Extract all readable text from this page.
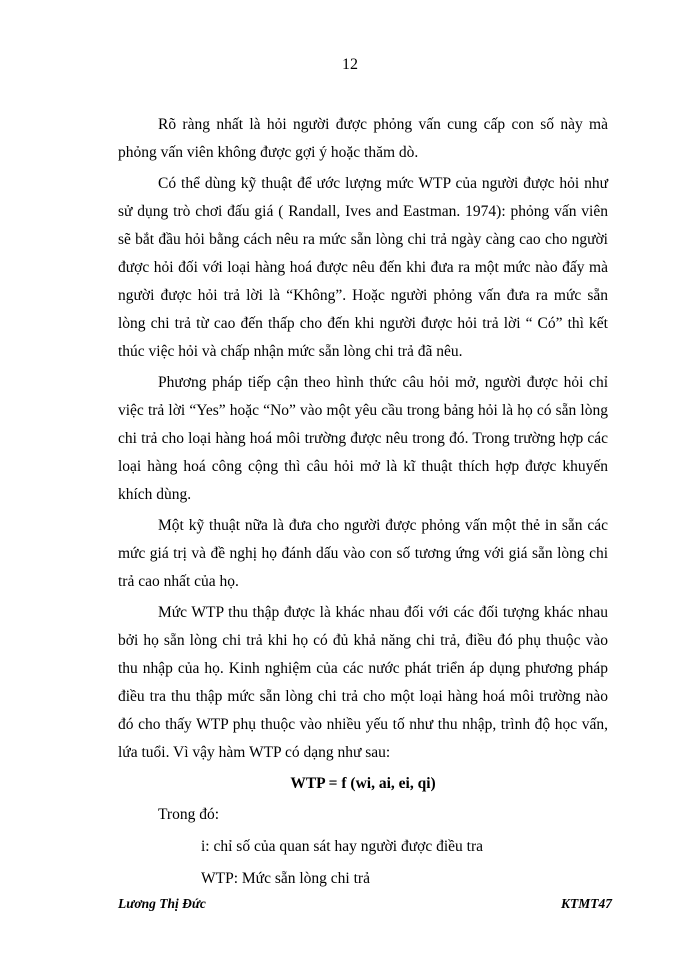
12

Rõ ràng nhất là hỏi người được phỏng vấn cung cấp con số này mà phỏng vấn viên không được gợi ý hoặc thăm dò.

Có thể dùng kỹ thuật để ước lượng mức WTP của người được hỏi như sử dụng trò chơi đấu giá ( Randall, Ives and Eastman. 1974): phỏng vấn viên sẽ bắt đầu hỏi bằng cách nêu ra mức sẵn lòng chi trả ngày càng cao cho người được hỏi đối với loại hàng hoá được nêu đến khi đưa ra một mức nào đấy mà người được hỏi trả lời là “Không”. Hoặc người phỏng vấn đưa ra mức sẵn lòng chi trả từ cao đến thấp cho đến khi người được hỏi trả lời “ Có” thì kết thúc việc hỏi và chấp nhận mức sẵn lòng chi trả đã nêu.

Phương pháp tiếp cận theo hình thức câu hỏi mở, người được hỏi chỉ việc trả lời “Yes” hoặc “No” vào một yêu cầu trong bảng hỏi là họ có sẵn lòng chi trả cho loại hàng hoá môi trường được nêu trong đó. Trong trường hợp các loại hàng hoá công cộng thì câu hỏi mở là kĩ thuật thích hợp được khuyến khích dùng.

Một kỹ thuật nữa là đưa cho người được phỏng vấn một thẻ in sẵn các mức giá trị và đề nghị họ đánh dấu vào con số tương ứng với giá sẵn lòng chi trả cao nhất của họ.

Mức WTP thu thập được là khác nhau đối với các đối tượng khác nhau bởi họ sẵn lòng chi trả khi họ có đủ khả năng chi trả, điều đó phụ thuộc vào thu nhập của họ. Kinh nghiệm của các nước phát triển áp dụng phương pháp điều tra thu thập mức sẵn lòng chi trả cho một loại hàng hoá môi trường nào đó cho thấy WTP phụ thuộc vào nhiều yếu tố như thu nhập, trình độ học vấn, lứa tuổi. Vì vậy hàm WTP có dạng như sau:

WTP = f (wi, ai, ei, qi)
Trong đó:
i: chỉ số của quan sát hay người được điều tra
WTP: Mức sẵn lòng chi trả
Lương Thị Đức	KTMT47
